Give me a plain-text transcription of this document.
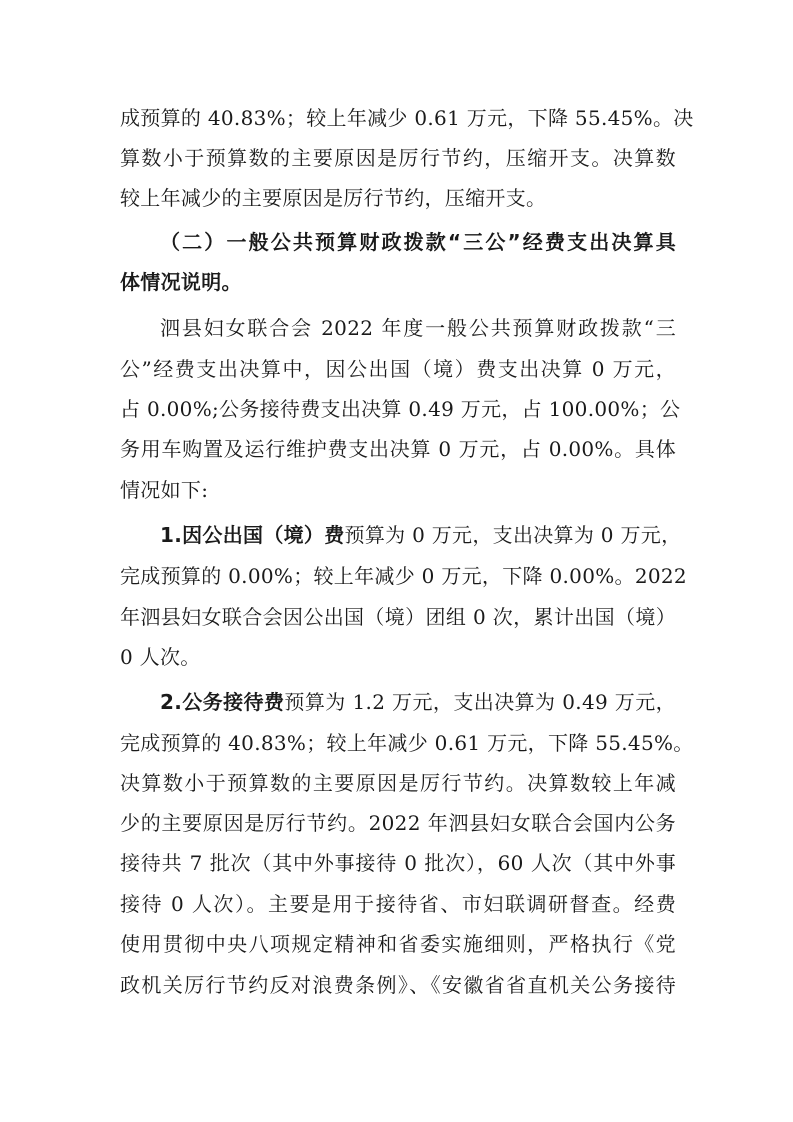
成预算的 40.83%；较上年减少 0.61 万元，下降 55.45%。决
算数小于预算数的主要原因是厉行节约，压缩开支。决算数
较上年减少的主要原因是厉行节约，压缩开支。
（二）一般公共预算财政拨款“三公”经费支出决算具
体情况说明。
泗县妇女联合会 2022 年度一般公共预算财政拨款“三
公”经费支出决算中，因公出国（境）费支出决算 0 万元，
占 0.00%;公务接待费支出决算 0.49 万元，占 100.00%；公
务用车购置及运行维护费支出决算 0 万元，占 0.00%。具体
情况如下:
1.因公出国（境）费预算为 0 万元，支出决算为 0 万元，
完成预算的 0.00%；较上年减少 0 万元，下降 0.00%。2022
年泗县妇女联合会因公出国（境）团组 0 次，累计出国（境）
0 人次。
2.公务接待费预算为 1.2 万元，支出决算为 0.49 万元，
完成预算的 40.83%；较上年减少 0.61 万元，下降 55.45%。
决算数小于预算数的主要原因是厉行节约。决算数较上年减
少的主要原因是厉行节约。2022 年泗县妇女联合会国内公务
接待共 7 批次（其中外事接待 0 批次），60 人次（其中外事
接待 0 人次）。主要是用于接待省、市妇联调研督查。经费
使用贯彻中央八项规定精神和省委实施细则，严格执行《党
政机关厉行节约反对浪费条例》、《安徽省省直机关公务接待
